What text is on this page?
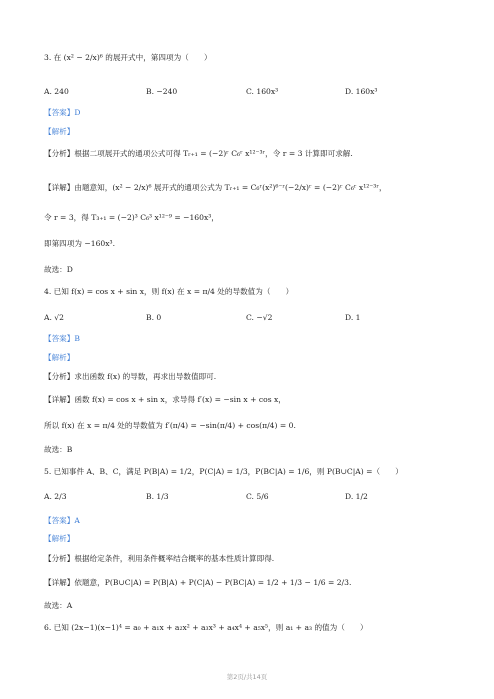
3. 在 (x² − 2/x)⁶ 的展开式中，第四项为（　　）
A. 240	B. −240	C. 160x³	D. 160x³
【答案】D
【解析】
【分析】根据二项展开式的通项公式可得 Tᵣ₊₁ = (−2)ʳ C₆ʳ x¹²⁻³ʳ，令 r = 3 计算即可求解.
【详解】由题意知，(x² − 2/x)⁶ 展开式的通项公式为 Tᵣ₊₁ = C₆ʳ(x²)⁶⁻ʳ(−2/x)ʳ = (−2)ʳ C₆ʳ x¹²⁻³ʳ，
令 r = 3，得 T₃₊₁ = (−2)³ C₆³ x¹²⁻⁹ = −160x³，
即第四项为 −160x³.
故选：D
4. 已知 f(x) = cos x + sin x，则 f(x) 在 x = π/4 处的导数值为（　　）
A. √2	B. 0	C. −√2	D. 1
【答案】B
【解析】
【分析】求出函数 f(x) 的导数，再求出导数值即可.
【详解】函数 f(x) = cos x + sin x，求导得 f′(x) = −sin x + cos x，
所以 f(x) 在 x = π/4 处的导数值为 f′(π/4) = −sin(π/4) + cos(π/4) = 0.
故选：B
5. 已知事件 A、B、C，满足 P(B|A) = 1/2，P(C|A) = 1/3，P(BC|A) = 1/6，则 P(B∪C|A) =（　　）
A. 2/3	B. 1/3	C. 5/6	D. 1/2
【答案】A
【解析】
【分析】根据给定条件，利用条件概率结合概率的基本性质计算即得.
【详解】依题意，P(B∪C|A) = P(B|A) + P(C|A) − P(BC|A) = 1/2 + 1/3 − 1/6 = 2/3.
故选：A
6. 已知 (2x−1)(x−1)⁴ = a₀ + a₁x + a₂x² + a₃x³ + a₄x⁴ + a₅x⁵，则 a₁ + a₃ 的值为（　　）
第2页/共14页
